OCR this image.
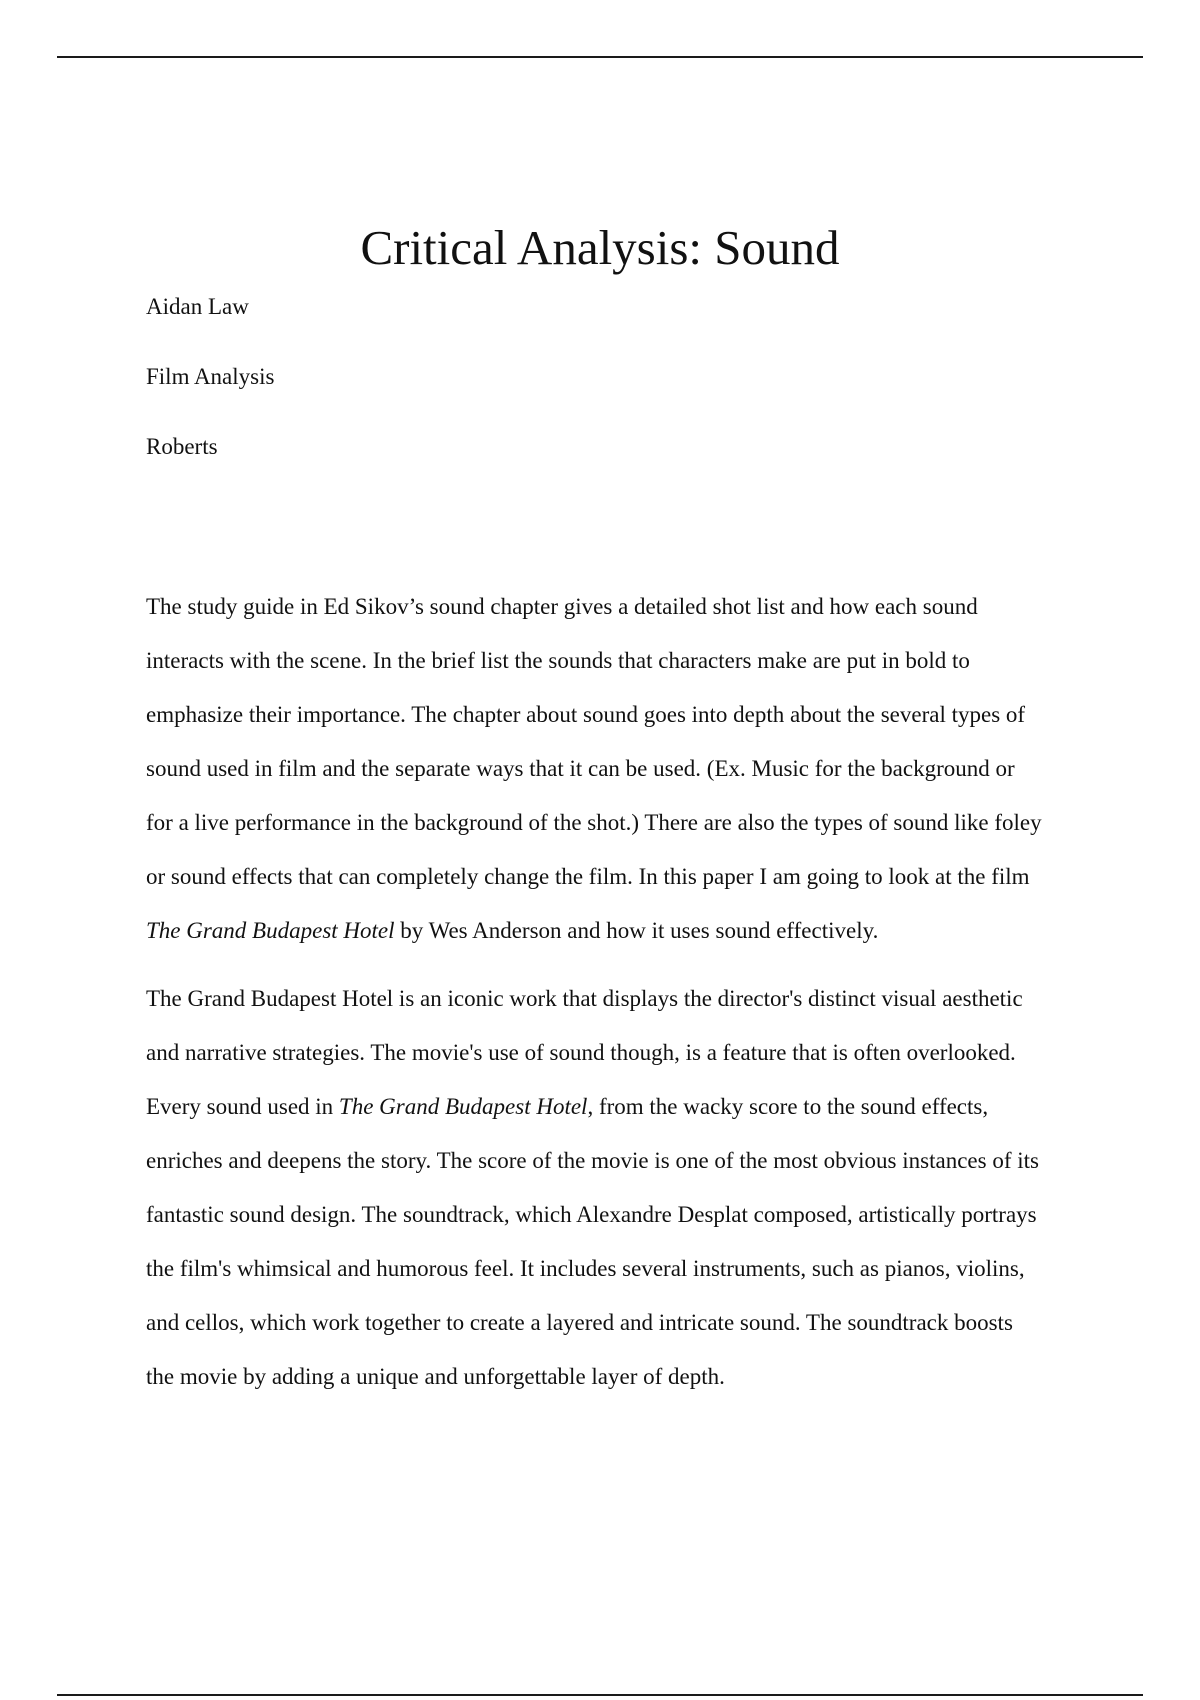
Critical Analysis: Sound

Aidan Law

Film Analysis

Roberts

The study guide in Ed Sikov’s sound chapter gives a detailed shot list and how each sound
interacts with the scene. In the brief list the sounds that characters make are put in bold to
emphasize their importance. The chapter about sound goes into depth about the several types of
sound used in film and the separate ways that it can be used. (Ex. Music for the background or
for a live performance in the background of the shot.) There are also the types of sound like foley
or sound effects that can completely change the film. In this paper I am going to look at the film
The Grand Budapest Hotel by Wes Anderson and how it uses sound effectively.

The Grand Budapest Hotel is an iconic work that displays the director's distinct visual aesthetic
and narrative strategies. The movie's use of sound though, is a feature that is often overlooked.
Every sound used in The Grand Budapest Hotel, from the wacky score to the sound effects,
enriches and deepens the story. The score of the movie is one of the most obvious instances of its
fantastic sound design. The soundtrack, which Alexandre Desplat composed, artistically portrays
the film's whimsical and humorous feel. It includes several instruments, such as pianos, violins,
and cellos, which work together to create a layered and intricate sound. The soundtrack boosts
the movie by adding a unique and unforgettable layer of depth.
